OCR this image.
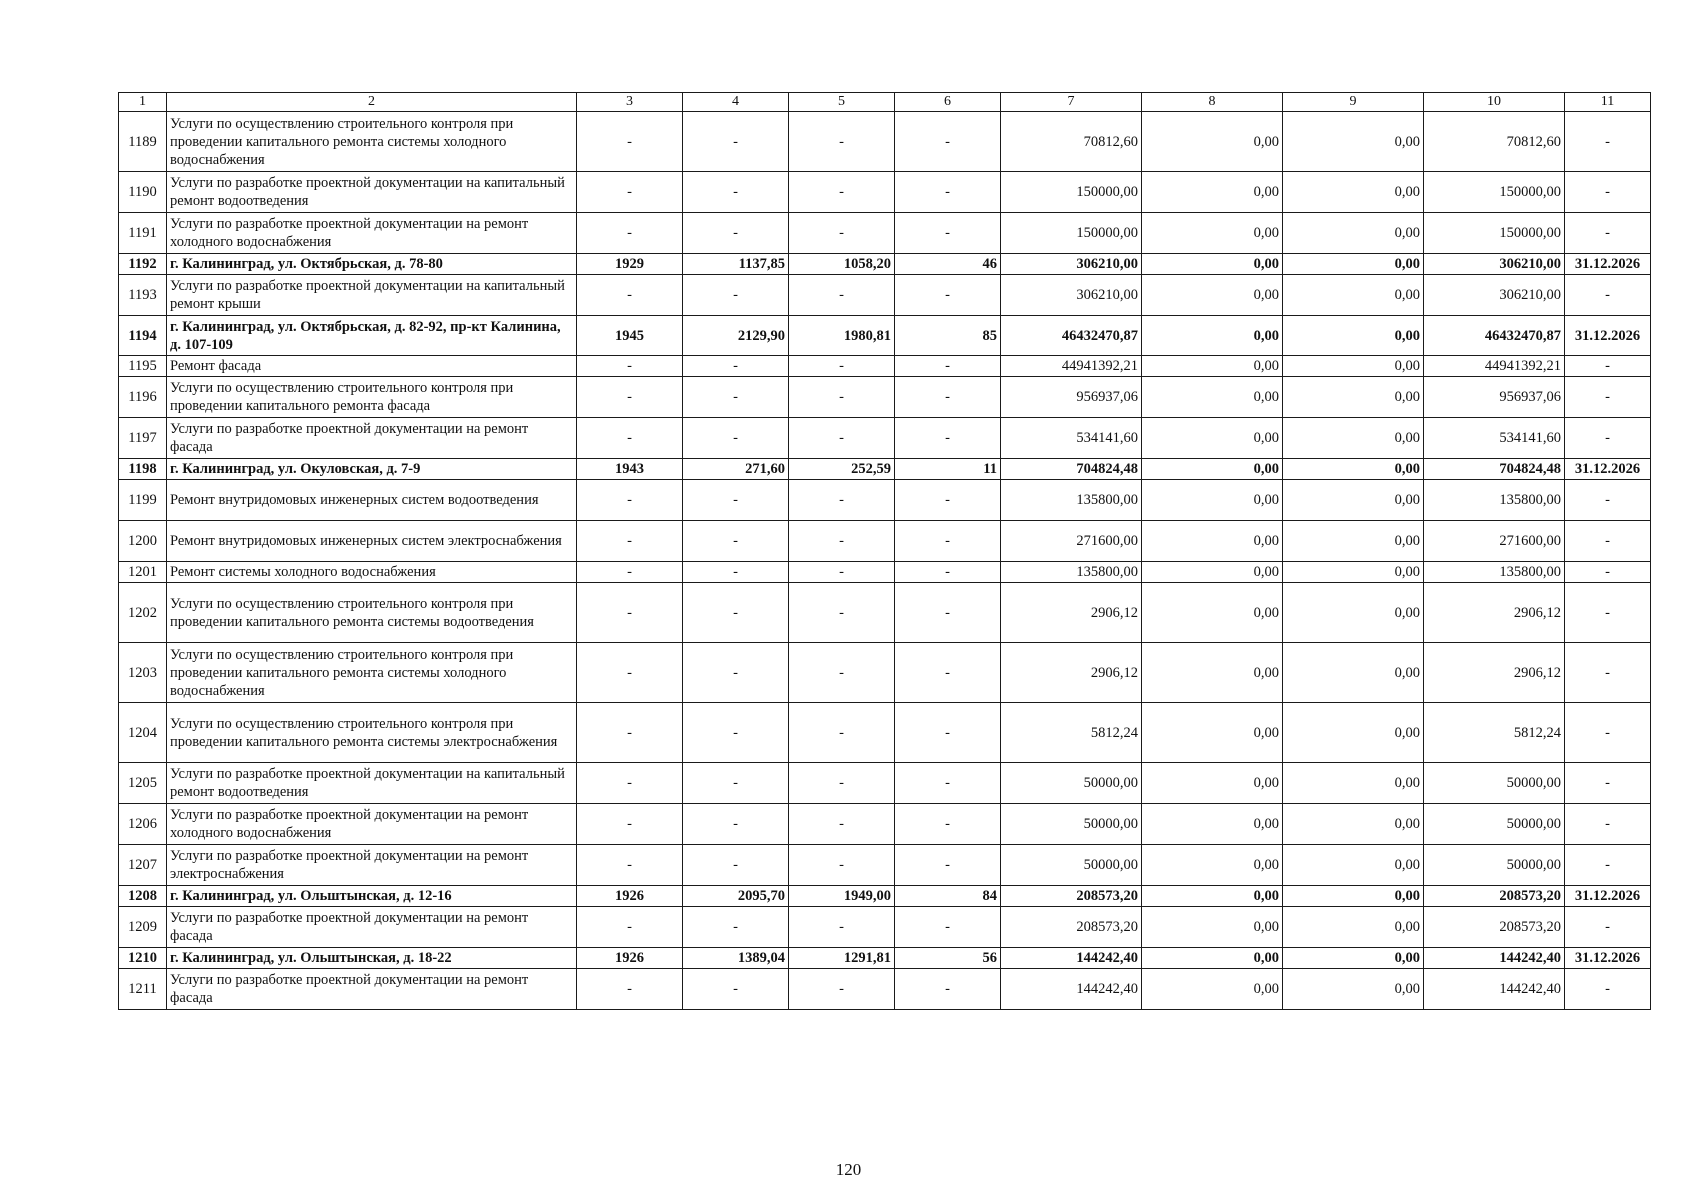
1	2	3	4	5	6	7	8	9	10	11
1189	Услуги по осуществлению строительного контроля при проведении капитального ремонта системы холодного водоснабжения	-	-	-	-	70812,60	0,00	0,00	70812,60	-
1190	Услуги по разработке проектной документации на капитальный ремонт водоотведения	-	-	-	-	150000,00	0,00	0,00	150000,00	-
1191	Услуги по разработке проектной документации на ремонт холодного водоснабжения	-	-	-	-	150000,00	0,00	0,00	150000,00	-
1192	г. Калининград, ул. Октябрьская, д. 78-80	1929	1137,85	1058,20	46	306210,00	0,00	0,00	306210,00	31.12.2026
1193	Услуги по разработке проектной документации на капитальный ремонт крыши	-	-	-	-	306210,00	0,00	0,00	306210,00	-
1194	г. Калининград, ул. Октябрьская, д. 82-92, пр-кт Калинина, д. 107-109	1945	2129,90	1980,81	85	46432470,87	0,00	0,00	46432470,87	31.12.2026
1195	Ремонт фасада	-	-	-	-	44941392,21	0,00	0,00	44941392,21	-
1196	Услуги по осуществлению строительного контроля при проведении капитального ремонта фасада	-	-	-	-	956937,06	0,00	0,00	956937,06	-
1197	Услуги по разработке проектной документации на ремонт фасада	-	-	-	-	534141,60	0,00	0,00	534141,60	-
1198	г. Калининград, ул. Окуловская, д. 7-9	1943	271,60	252,59	11	704824,48	0,00	0,00	704824,48	31.12.2026
1199	Ремонт внутридомовых инженерных систем водоотведения	-	-	-	-	135800,00	0,00	0,00	135800,00	-
1200	Ремонт внутридомовых инженерных систем электроснабжения	-	-	-	-	271600,00	0,00	0,00	271600,00	-
1201	Ремонт системы холодного водоснабжения	-	-	-	-	135800,00	0,00	0,00	135800,00	-
1202	Услуги по осуществлению строительного контроля при проведении капитального ремонта системы водоотведения	-	-	-	-	2906,12	0,00	0,00	2906,12	-
1203	Услуги по осуществлению строительного контроля при проведении капитального ремонта системы холодного водоснабжения	-	-	-	-	2906,12	0,00	0,00	2906,12	-
1204	Услуги по осуществлению строительного контроля при проведении капитального ремонта системы электроснабжения	-	-	-	-	5812,24	0,00	0,00	5812,24	-
1205	Услуги по разработке проектной документации на капитальный ремонт водоотведения	-	-	-	-	50000,00	0,00	0,00	50000,00	-
1206	Услуги по разработке проектной документации на ремонт холодного водоснабжения	-	-	-	-	50000,00	0,00	0,00	50000,00	-
1207	Услуги по разработке проектной документации на ремонт электроснабжения	-	-	-	-	50000,00	0,00	0,00	50000,00	-
1208	г. Калининград, ул. Ольштынская, д. 12-16	1926	2095,70	1949,00	84	208573,20	0,00	0,00	208573,20	31.12.2026
1209	Услуги по разработке проектной документации на ремонт фасада	-	-	-	-	208573,20	0,00	0,00	208573,20	-
1210	г. Калининград, ул. Ольштынская, д. 18-22	1926	1389,04	1291,81	56	144242,40	0,00	0,00	144242,40	31.12.2026
1211	Услуги по разработке проектной документации на ремонт фасада	-	-	-	-	144242,40	0,00	0,00	144242,40	-
120
